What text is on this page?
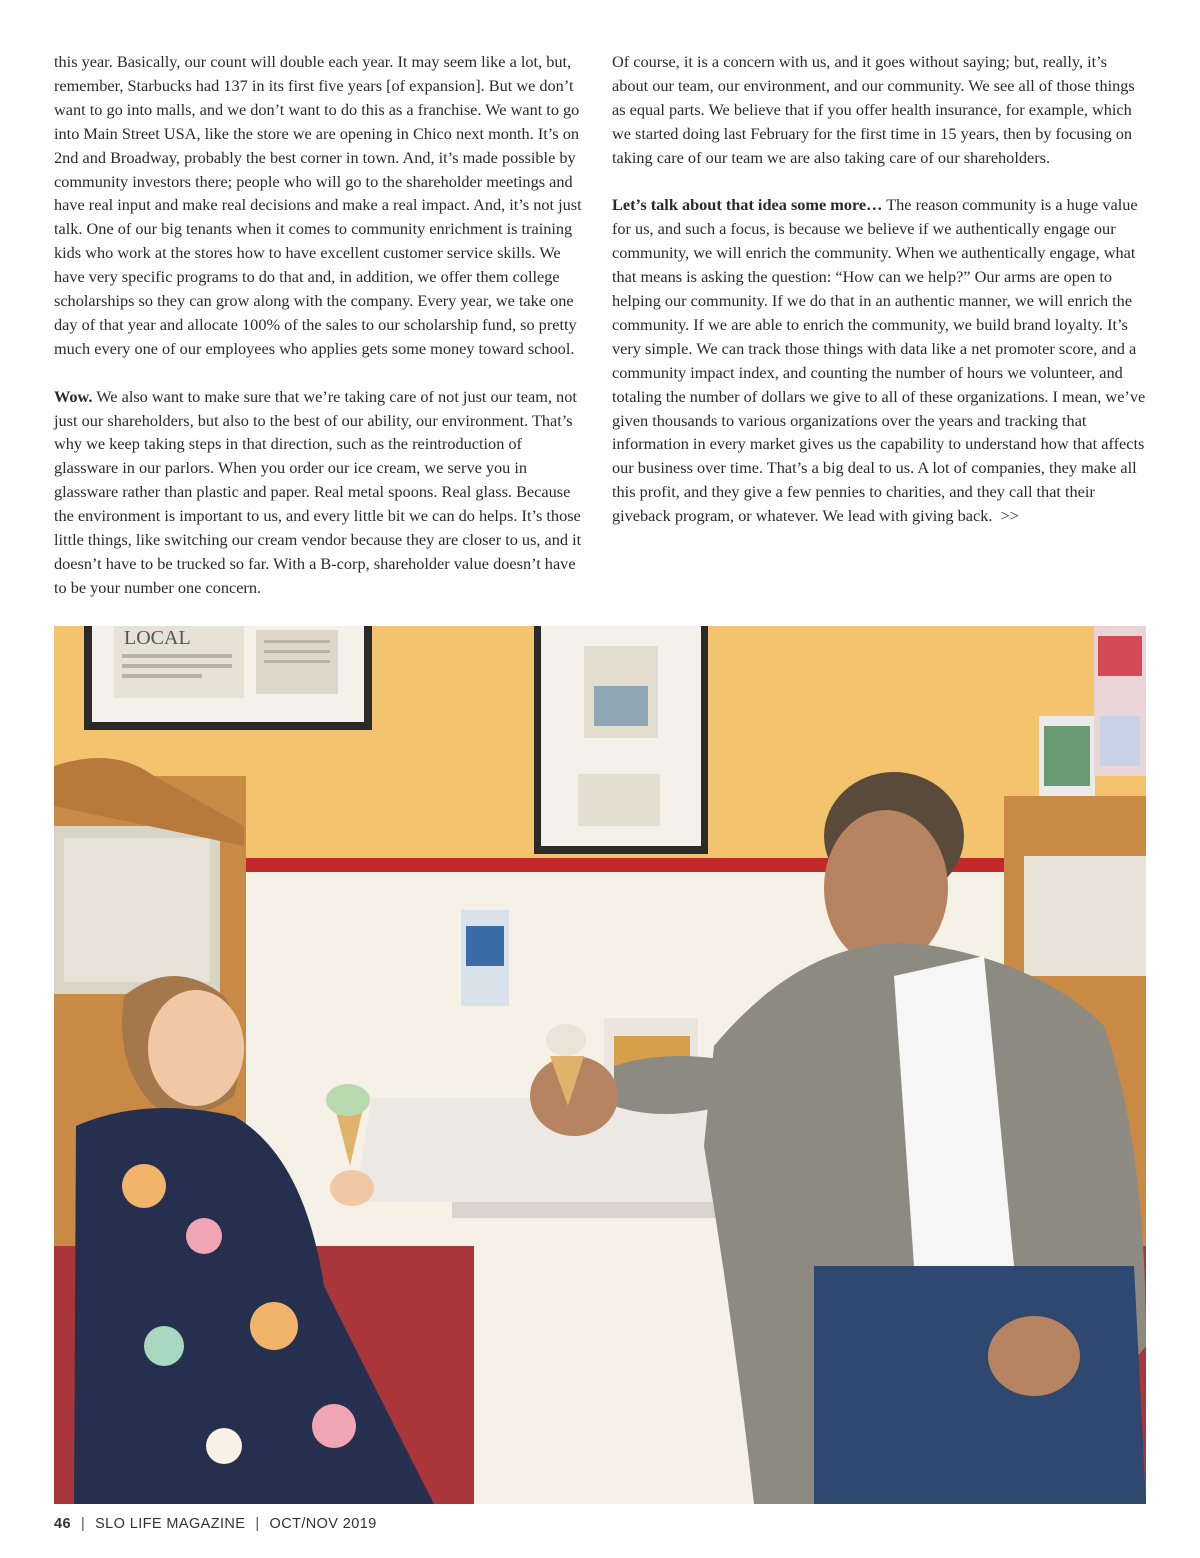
this year. Basically, our count will double each year. It may seem like a lot, but, remember, Starbucks had 137 in its first five years [of expansion]. But we don’t want to go into malls, and we don’t want to do this as a franchise. We want to go into Main Street USA, like the store we are opening in Chico next month. It’s on 2nd and Broadway, probably the best corner in town. And, it’s made possible by community investors there; people who will go to the shareholder meetings and have real input and make real decisions and make a real impact. And, it’s not just talk. One of our big tenants when it comes to community enrichment is training kids who work at the stores how to have excellent customer service skills. We have very specific programs to do that and, in addition, we offer them college scholarships so they can grow along with the company. Every year, we take one day of that year and allocate 100% of the sales to our scholarship fund, so pretty much every one of our employees who applies gets some money toward school.

Wow. We also want to make sure that we’re taking care of not just our team, not just our shareholders, but also to the best of our ability, our environment. That’s why we keep taking steps in that direction, such as the reintroduction of glassware in our parlors. When you order our ice cream, we serve you in glassware rather than plastic and paper. Real metal spoons. Real glass. Because the environment is important to us, and every little bit we can do helps. It’s those little things, like switching our cream vendor because they are closer to us, and it doesn’t have to be trucked so far. With a B-corp, shareholder value doesn’t have to be your number one concern.

Of course, it is a concern with us, and it goes without saying; but, really, it’s about our team, our environment, and our community. We see all of those things as equal parts. We believe that if you offer health insurance, for example, which we started doing last February for the first time in 15 years, then by focusing on taking care of our team we are also taking care of our shareholders.

Let’s talk about that idea some more… The reason community is a huge value for us, and such a focus, is because we believe if we authentically engage our community, we will enrich the community. When we authentically engage, what that means is asking the question: “How can we help?” Our arms are open to helping our community. If we do that in an authentic manner, we will enrich the community. If we are able to enrich the community, we build brand loyalty. It’s very simple. We can track those things with data like a net promoter score, and a community impact index, and counting the number of hours we volunteer, and totaling the number of dollars we give to all of these organizations. I mean, we’ve given thousands to various organizations over the years and tracking that information in every market gives us the capability to understand how that affects our business over time. That’s a big deal to us. A lot of companies, they make all this profit, and they give a few pennies to charities, and they call that their giveback program, or whatever. We lead with giving back. >>

LOCAL
46 | SLO LIFE MAGAZINE | OCT/NOV 2019
